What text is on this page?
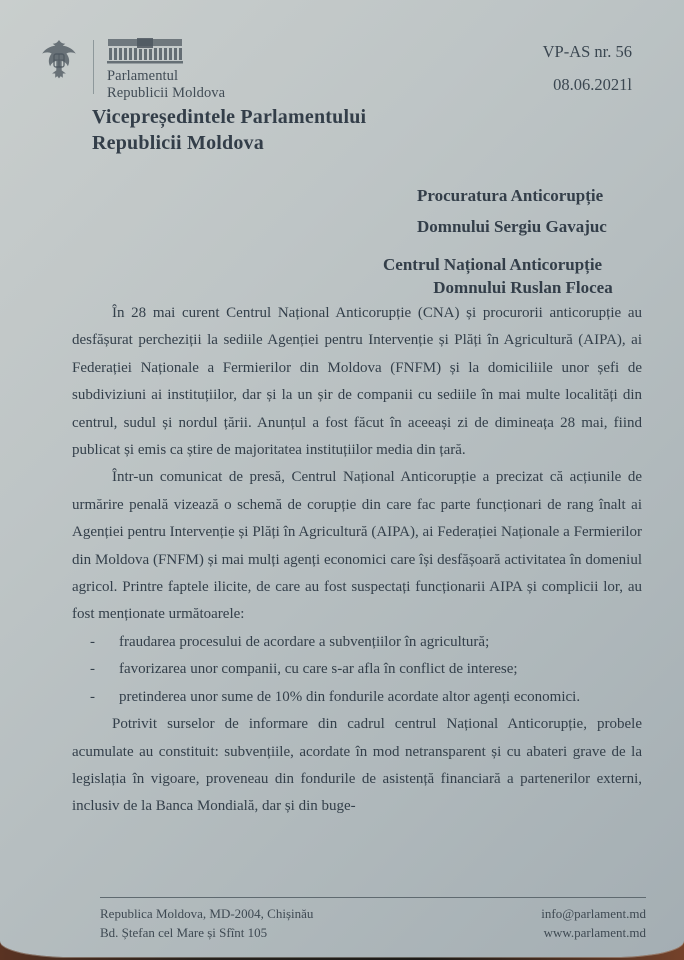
Parlamentul
Republicii Moldova
VP-AS nr. 56
08.06.2021l
Vicepreședintele Parlamentului
Republicii Moldova
Procuratura Anticorupție
Domnului Sergiu Gavajuc
Centrul Național Anticorupție
Domnului Ruslan Flocea

În 28 mai curent Centrul Național Anticorupție (CNA) și procurorii anticorupție au desfășurat percheziții la sediile Agenției pentru Intervenție și Plăți în Agricultură (AIPA), ai Federației Naționale a Fermierilor din Moldova (FNFM) și la domiciliile unor șefi de subdiviziuni ai instituțiilor, dar și la un șir de companii cu sediile în mai multe localități din centrul, sudul și nordul țării. Anunțul a fost făcut în aceeași zi de dimineața 28 mai, fiind publicat și emis ca știre de majoritatea instituțiilor media din țară.

Într-un comunicat de presă, Centrul Național Anticorupție a precizat că acțiunile de urmărire penală vizează o schemă de corupție din care fac parte funcționari de rang înalt ai Agenției pentru Intervenție și Plăți în Agricultură (AIPA), ai Federației Naționale a Fermierilor din Moldova (FNFM) și mai mulți agenți economici care își desfășoară activitatea în domeniul agricol. Printre faptele ilicite, de care au fost suspectați funcționarii AIPA și complicii lor, au fost menționate următoarele:

- fraudarea procesului de acordare a subvențiilor în agricultură;

- favorizarea unor companii, cu care s-ar afla în conflict de interese;

- pretinderea unor sume de 10% din fondurile acordate altor agenți economici.

Potrivit surselor de informare din cadrul centrul Național Anticorupție, probele acumulate au constituit: subvențiile, acordate în mod netransparent și cu abateri grave de la legislația în vigoare, proveneau din fondurile de asistență financiară a partenerilor externi, inclusiv de la Banca Mondială, dar și din buge-

Republica Moldova, MD-2004, Chișinău
Bd. Ștefan cel Mare și Sfînt 105
info@parlament.md
www.parlament.md
